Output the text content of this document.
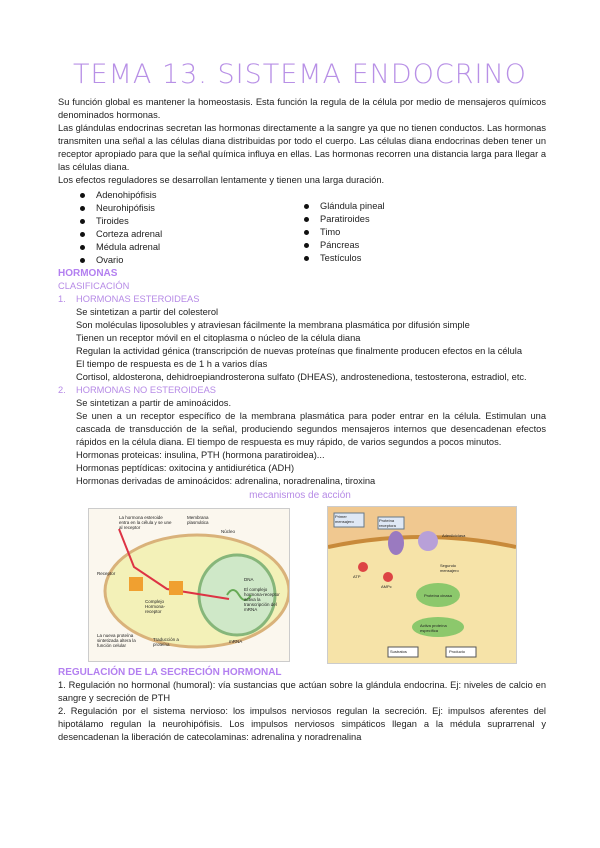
TEMA 13. SISTEMA ENDOCRINO
Su función global es mantener la homeostasis. Esta función la regula de la célula por medio de mensajeros químicos denominados hormonas.
Las glándulas endocrinas secretan las hormonas directamente a la sangre ya que no tienen conductos. Las hormonas transmiten una señal a las células diana distribuidas por todo el cuerpo. Las células diana endocrinas deben tener un receptor apropiado para que la señal química influya en ellas. Las hormonas recorren una distancia larga para llegar a las células diana.
Los efectos reguladores se desarrollan lentamente y tienen una larga duración.
Adenohipófisis
Neurohipófisis
Tiroides
Corteza adrenal
Médula adrenal
Ovario
Glándula pineal
Paratiroides
Timo
Páncreas
Testículos
HORMONAS
CLASIFICACIÓN
1. HORMONAS ESTEROIDEAS
Se sintetizan a partir del colesterol
Son moléculas liposolubles y atraviesan fácilmente la membrana plasmática por difusión simple
Tienen un receptor móvil en el citoplasma o núcleo de la célula diana
Regulan la actividad génica (transcripción de nuevas proteínas que finalmente producen efectos en la célula
El tiempo de respuesta es de 1 h a varios días
Cortisol, aldosterona, dehidroepiandrosterona sulfato (DHEAS), androstenediona, testosterona, estradiol, etc.
2. HORMONAS NO ESTEROIDEAS
Se sintetizan a partir de aminoácidos.
Se unen a un receptor específico de la membrana plasmática para poder entrar en la célula. Estimulan una cascada de transducción de la señal, produciendo segundos mensajeros internos que desencadenan efectos rápidos en la célula diana. El tiempo de respuesta es muy rápido, de varios segundos a pocos minutos.
Hormonas proteicas: insulina, PTH (hormona paratiroidea)...
Hormonas peptídicas: oxitocina y antidiurética (ADH)
Hormonas derivadas de aminoácidos: adrenalina, noradrenalina, tiroxina
mecanismos de acción
La hormona esteroide entra en la célula y se une al receptor
Membrana plasmática
Núcleo
Receptor
Complejo Hormona-receptor
DNA
El complejo hormona-receptor activa la transcripción del mRNA
mRNA
La nueva proteína sintetizada altera la función celular
Traducción a proteína
Primer mensajero	Proteína receptora
Adenilciclasa
ATP
AMPc
Segundo mensajero
Proteína cinasa
Activa proteína específica
Sustratos	Producto
REGULACIÓN DE LA SECRECIÓN HORMONAL
1. Regulación no hormonal (humoral): vía sustancias que actúan sobre la glándula endocrina. Ej: niveles de calcio en sangre y secreción de PTH
2. Regulación por el sistema nervioso: los impulsos nerviosos regulan la secreción. Ej: impulsos aferentes del hipotálamo regulan la neurohipófisis. Los impulsos nerviosos simpáticos llegan a la médula suprarrenal y desencadenan la liberación de catecolaminas: adrenalina y noradrenalina
